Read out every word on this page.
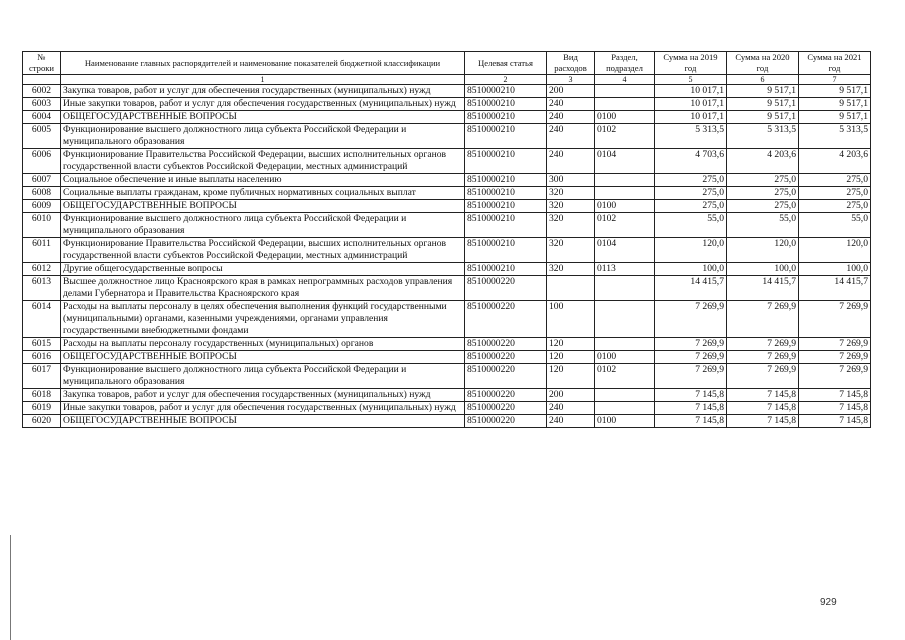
№ строки	Наименование главных распорядителей и наименование показателей бюджетной классификации	Целевая статья	Вид расходов	Раздел, подраздел	Сумма на 2019 год	Сумма на 2020 год	Сумма на 2021 год
	1	2	3	4	5	6	7
6002	Закупка товаров, работ и услуг для обеспечения государственных (муниципальных) нужд	8510000210	200		10 017,1	9 517,1	9 517,1
6003	Иные закупки товаров, работ и услуг для обеспечения государственных (муниципальных) нужд	8510000210	240		10 017,1	9 517,1	9 517,1
6004	ОБЩЕГОСУДАРСТВЕННЫЕ ВОПРОСЫ	8510000210	240	0100	10 017,1	9 517,1	9 517,1
6005	Функционирование высшего должностного лица субъекта Российской Федерации и муниципального образования	8510000210	240	0102	5 313,5	5 313,5	5 313,5
6006	Функционирование Правительства Российской Федерации, высших исполнительных органов государственной власти субъектов Российской Федерации, местных администраций	8510000210	240	0104	4 703,6	4 203,6	4 203,6
6007	Социальное обеспечение и иные выплаты населению	8510000210	300		275,0	275,0	275,0
6008	Социальные выплаты гражданам, кроме публичных нормативных социальных выплат	8510000210	320		275,0	275,0	275,0
6009	ОБЩЕГОСУДАРСТВЕННЫЕ ВОПРОСЫ	8510000210	320	0100	275,0	275,0	275,0
6010	Функционирование высшего должностного лица субъекта Российской Федерации и муниципального образования	8510000210	320	0102	55,0	55,0	55,0
6011	Функционирование Правительства Российской Федерации, высших исполнительных органов государственной власти субъектов Российской Федерации, местных администраций	8510000210	320	0104	120,0	120,0	120,0
6012	Другие общегосударственные вопросы	8510000210	320	0113	100,0	100,0	100,0
6013	Высшее должностное лицо Красноярского края в рамках непрограммных расходов управления делами Губернатора и Правительства Красноярского края	8510000220			14 415,7	14 415,7	14 415,7
6014	Расходы на выплаты персоналу в целях обеспечения выполнения функций государственными (муниципальными) органами, казенными учреждениями, органами управления государственными внебюджетными фондами	8510000220	100		7 269,9	7 269,9	7 269,9
6015	Расходы на выплаты персоналу государственных (муниципальных) органов	8510000220	120		7 269,9	7 269,9	7 269,9
6016	ОБЩЕГОСУДАРСТВЕННЫЕ ВОПРОСЫ	8510000220	120	0100	7 269,9	7 269,9	7 269,9
6017	Функционирование высшего должностного лица субъекта Российской Федерации и муниципального образования	8510000220	120	0102	7 269,9	7 269,9	7 269,9
6018	Закупка товаров, работ и услуг для обеспечения государственных (муниципальных) нужд	8510000220	200		7 145,8	7 145,8	7 145,8
6019	Иные закупки товаров, работ и услуг для обеспечения государственных (муниципальных) нужд	8510000220	240		7 145,8	7 145,8	7 145,8
6020	ОБЩЕГОСУДАРСТВЕННЫЕ ВОПРОСЫ	8510000220	240	0100	7 145,8	7 145,8	7 145,8
929
